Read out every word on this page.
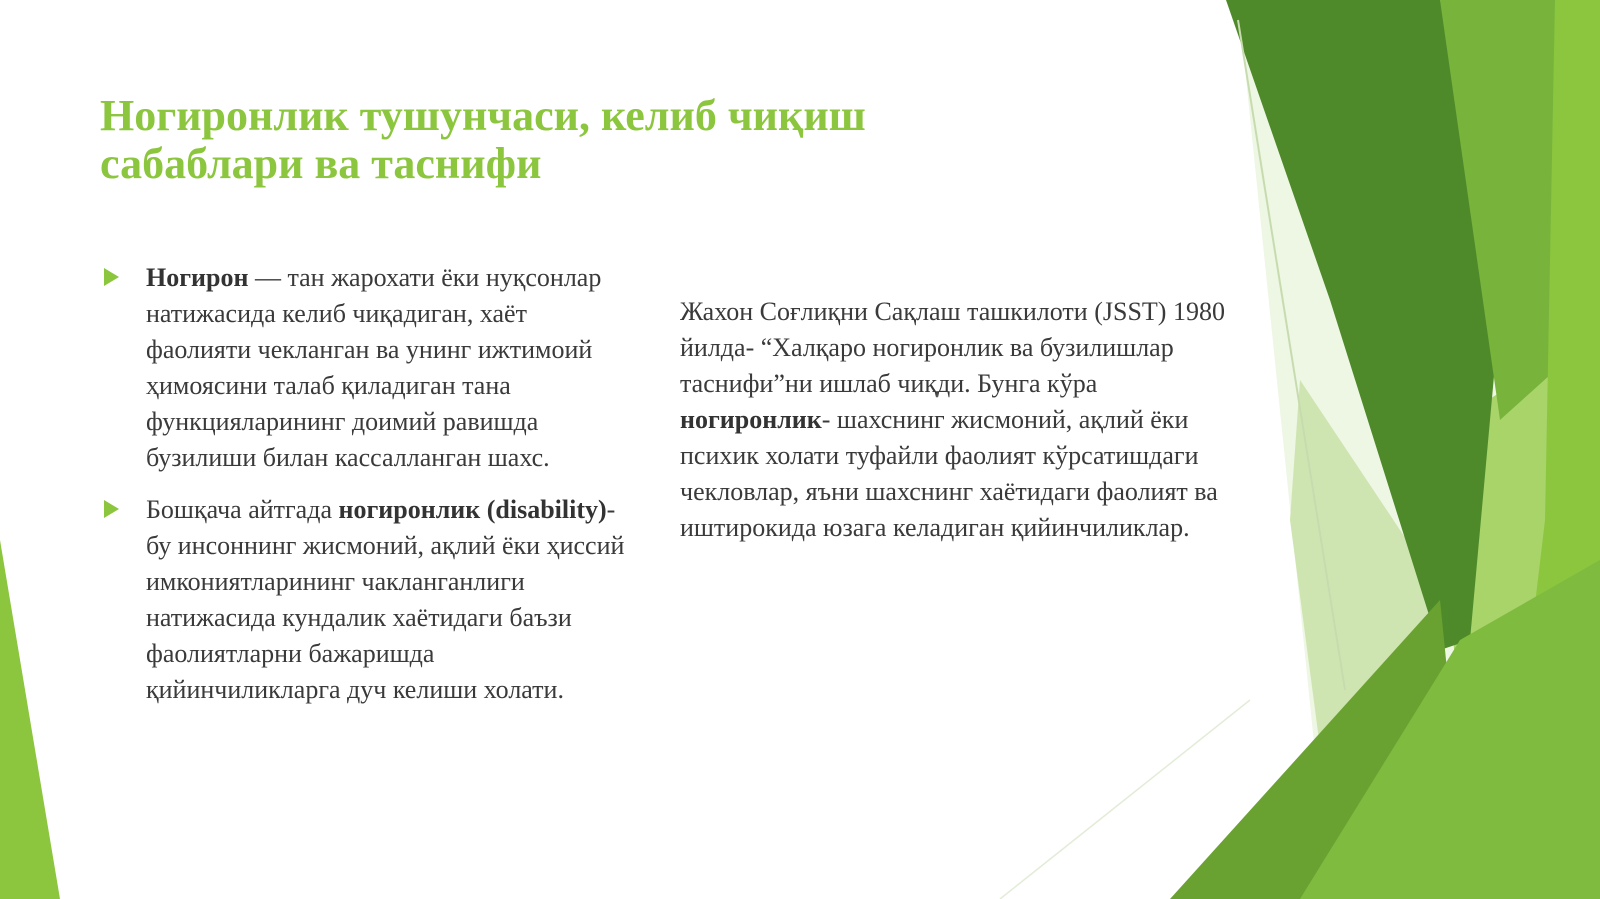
Ногиронлик тушунчаси, келиб чиқиш
сабаблари ва таснифи

Ногирон — тан жарохати ёки нуқсонлар натижасида келиб чиқадиган, хаёт фаолияти чекланган ва унинг ижтимоий ҳимоясини талаб қиладиган тана функцияларининг доимий равишда бузилиши билан кассалланган шахс.

Бошқача айтгада ногиронлик (disability)- бу инсоннинг жисмоний, ақлий ёки ҳиссий имкониятларининг чакланганлиги натижасида кундалик хаётидаги баъзи фаолиятларни бажаришда қийинчиликларга дуч келиши холати.

Жахон Соғлиқни Сақлаш ташкилоти (JSST) 1980 йилда- “Халқаро ногиронлик ва бузилишлар таснифи”ни ишлаб чиқди. Бунга кўра ногиронлик- шахснинг жисмоний, ақлий ёки психик холати туфайли фаолият кўрсатишдаги чекловлар, яъни шахснинг хаётидаги фаолият ва иштирокида юзага келадиган қийинчиликлар.
